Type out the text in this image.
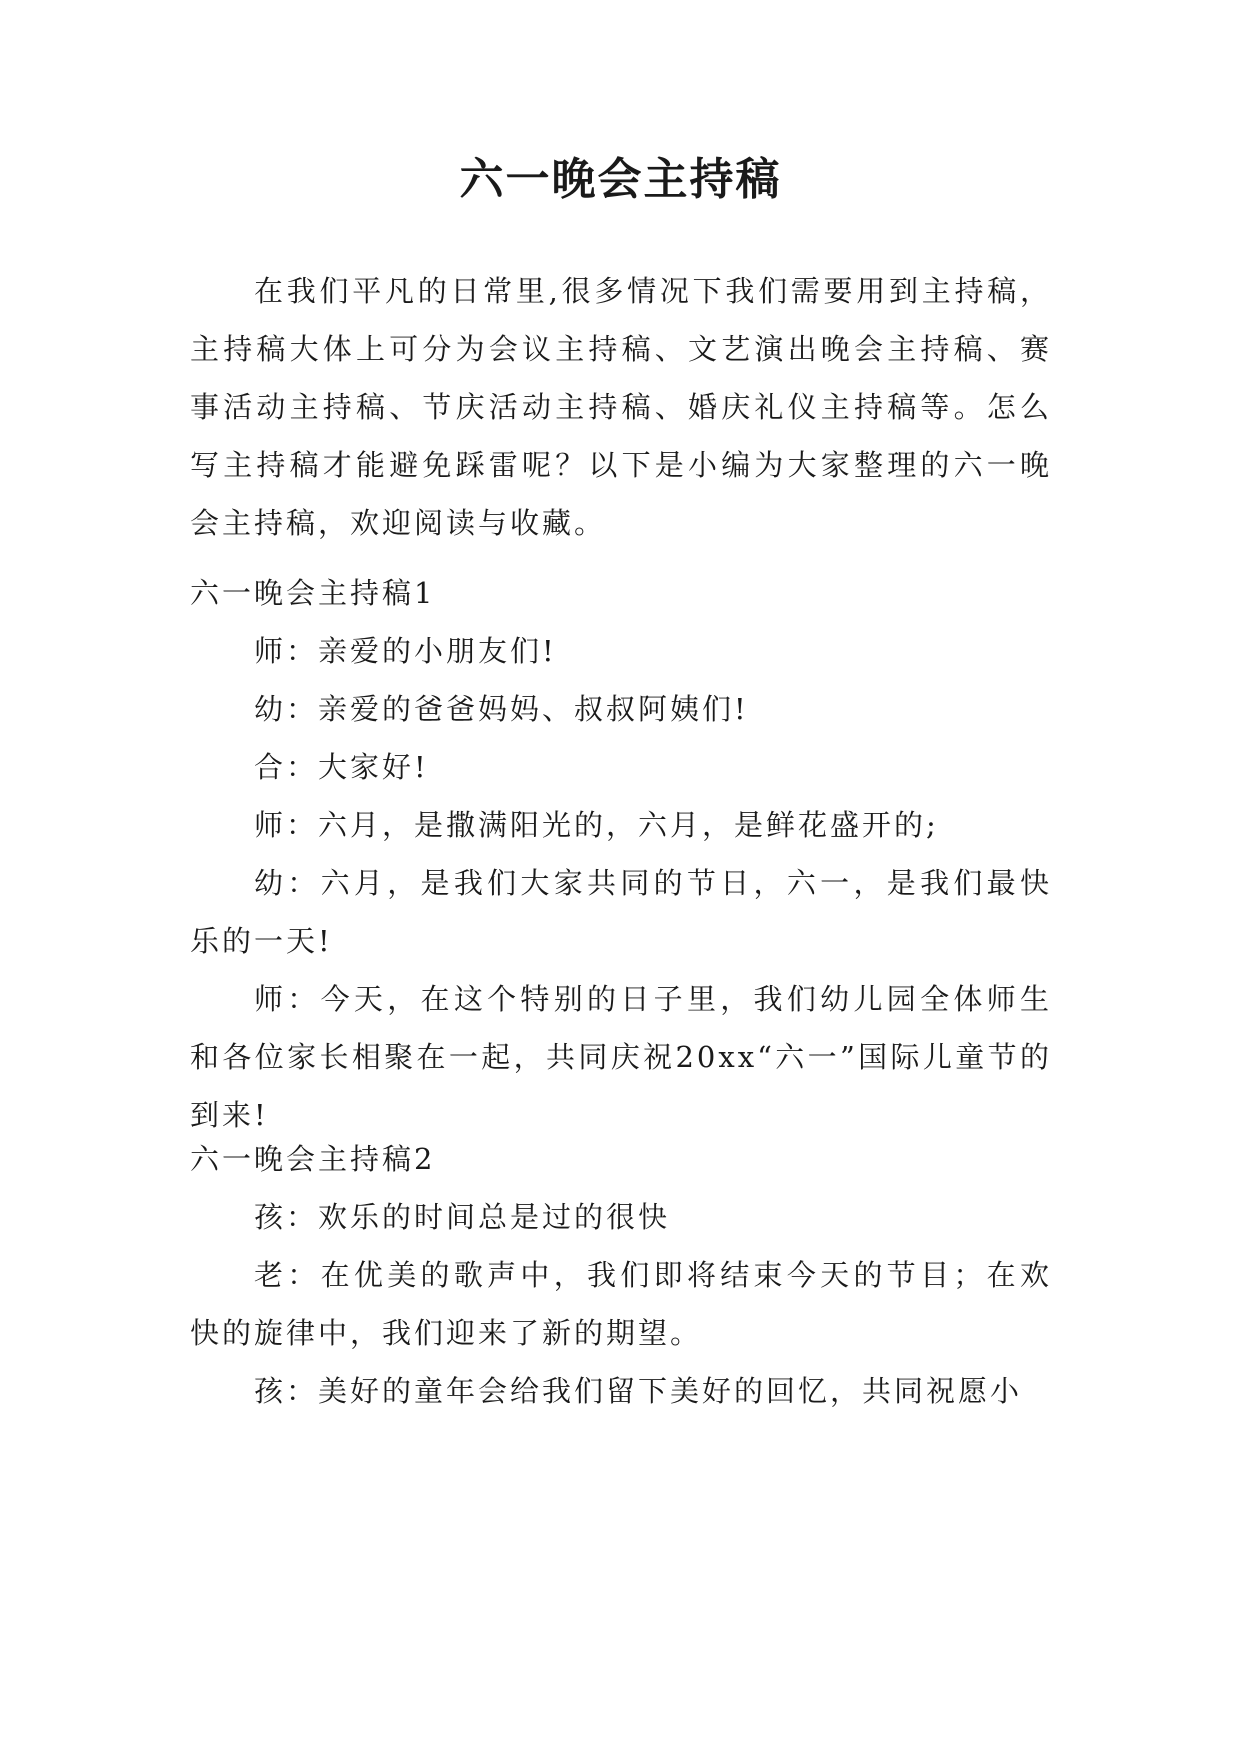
六一晚会主持稿

在我们平凡的日常里,很多情况下我们需要用到主持稿，主持稿大体上可分为会议主持稿、文艺演出晚会主持稿、赛事活动主持稿、节庆活动主持稿、婚庆礼仪主持稿等。怎么写主持稿才能避免踩雷呢？以下是小编为大家整理的六一晚会主持稿，欢迎阅读与收藏。

六一晚会主持稿1

师：亲爱的小朋友们!

幼：亲爱的爸爸妈妈、叔叔阿姨们!

合：大家好!

师：六月，是撒满阳光的，六月，是鲜花盛开的;

幼：六月，是我们大家共同的节日，六一，是我们最快乐的一天!

师：今天，在这个特别的日子里，我们幼儿园全体师生和各位家长相聚在一起，共同庆祝20xx“六一”国际儿童节的到来!

六一晚会主持稿2

孩：欢乐的时间总是过的很快

老：在优美的歌声中，我们即将结束今天的节目；在欢快的旋律中，我们迎来了新的期望。

孩：美好的童年会给我们留下美好的回忆，共同祝愿小
